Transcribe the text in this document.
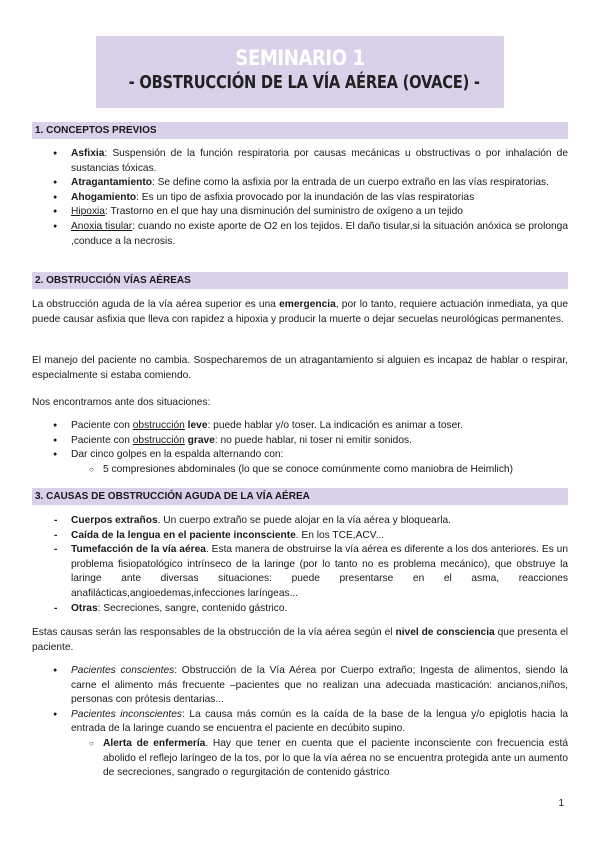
SEMINARIO 1
- OBSTRUCCIÓN DE LA VÍA AÉREA (OVACE) -
1. CONCEPTOS PREVIOS
● Asfixia: Suspensión de la función respiratoria por causas mecánicas u obstructivas o por inhalación de sustancias tóxicas.
● Atragantamiento: Se define como la asfixia por la entrada de un cuerpo extraño en las vías respiratorias.
● Ahogamiento: Es un tipo de asfixia provocado por la inundación de las vías respiratorias
● Hipoxia: Trastorno en el que hay una disminución del suministro de oxígeno a un tejido
● Anoxia tisular: cuando no existe aporte de O2 en los tejidos. El daño tisular,si la situación anóxica se prolonga ,conduce a la necrosis.
2. OBSTRUCCIÓN VÍAS AÉREAS
La obstrucción aguda de la vía aérea superior es una emergencia, por lo tanto, requiere actuación inmediata, ya que puede causar asfixia que lleva con rapidez a hipoxia y producir la muerte o dejar secuelas neurológicas permanentes.
El manejo del paciente no cambia. Sospecharemos de un atragantamiento si alguien es incapaz de hablar o respirar, especialmente si estaba comiendo.
Nos encontramos ante dos situaciones:
● Paciente con obstrucción leve: puede hablar y/o toser. La indicación es animar a toser.
● Paciente con obstrucción grave: no puede hablar, ni toser ni emitir sonidos.
● Dar cinco golpes en la espalda alternando con:
○ 5 compresiones abdominales (lo que se conoce comúnmente como maniobra de Heimlich)
3. CAUSAS DE OBSTRUCCIÓN AGUDA DE LA VÍA AÉREA
- Cuerpos extraños. Un cuerpo extraño se puede alojar en la vía aérea y bloquearla.
- Caída de la lengua en el paciente inconsciente. En los TCE,ACV...
- Tumefacción de la vía aérea. Esta manera de obstruirse la vía aérea es diferente a los dos anteriores. Es un problema fisiopatológico intrínseco de la laringe (por lo tanto no es problema mecánico), que obstruye la laringe ante diversas situaciones: puede presentarse en el asma, reacciones anafilácticas,angioedemas,infecciones laríngeas...
- Otras: Secreciones, sangre, contenido gástrico.
Estas causas serán las responsables de la obstrucción de la vía aérea según el nivel de consciencia que presenta el paciente.
● Pacientes conscientes: Obstrucción de la Vía Aérea por Cuerpo extraño; Ingesta de alimentos, siendo la carne el alimento más frecuente –pacientes que no realizan una adecuada masticación: ancianos,niños, personas con prótesis dentarias...
● Pacientes inconscientes: La causa más común es la caída de la base de la lengua y/o epiglotis hacia la entrada de la laringe cuando se encuentra el paciente en decúbito supino.
○ Alerta de enfermería. Hay que tener en cuenta que el paciente inconsciente con frecuencia está abolido el reflejo laríngeo de la tos, por lo que la vía aérea no se encuentra protegida ante un aumento de secreciones, sangrado o regurgitación de contenido gástrico
1
